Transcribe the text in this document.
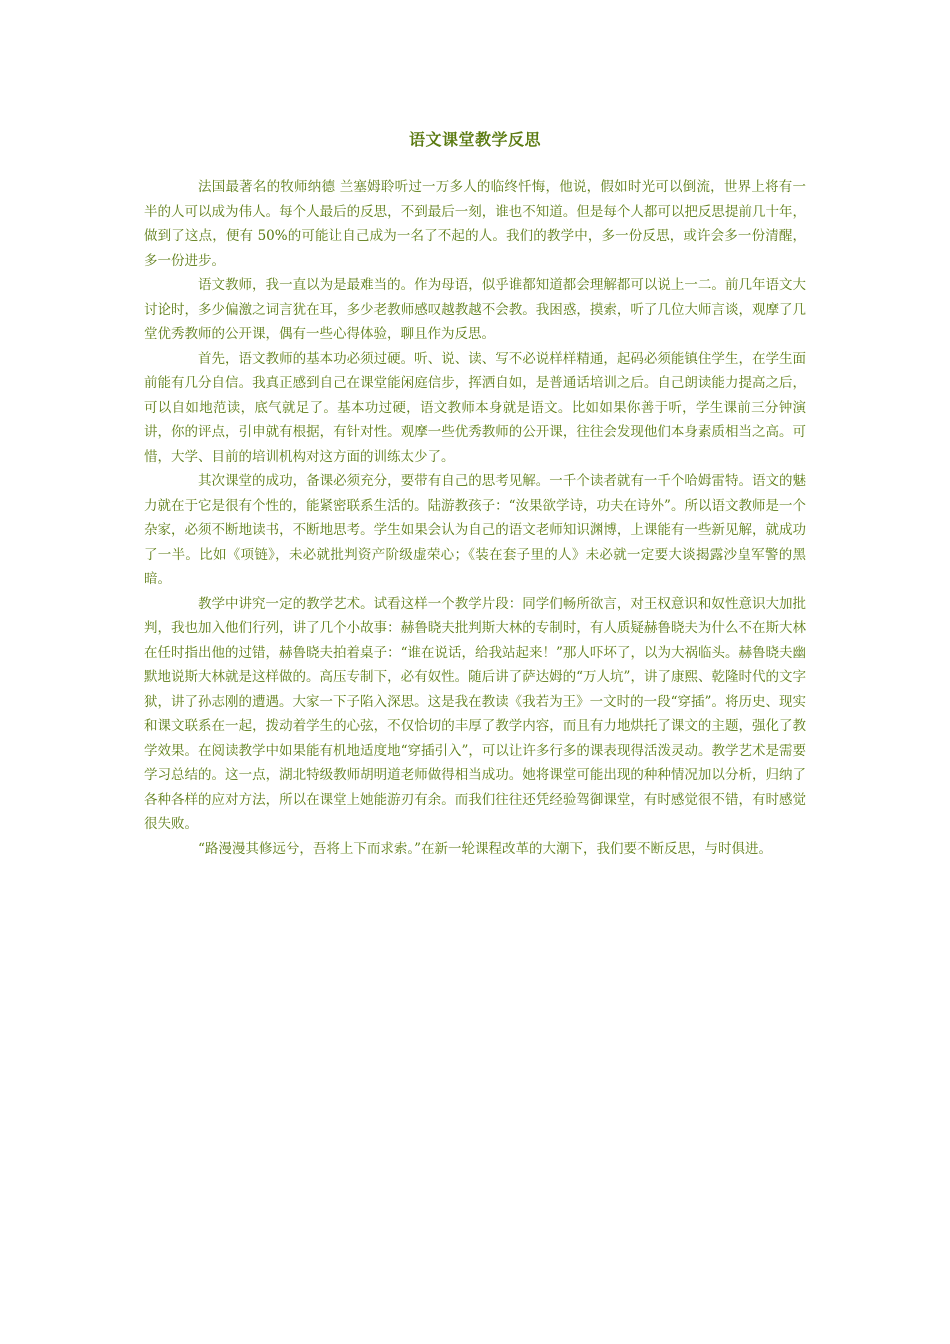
语文课堂教学反思

法国最著名的牧师纳德 兰塞姆聆听过一万多人的临终忏悔，他说，假如时光可以倒流，世界上将有一半的人可以成为伟人。每个人最后的反思，不到最后一刻，谁也不知道。但是每个人都可以把反思提前几十年，做到了这点，便有 50%的可能让自己成为一名了不起的人。我们的教学中，多一份反思，或许会多一份清醒，多一份进步。

语文教师，我一直以为是最难当的。作为母语，似乎谁都知道都会理解都可以说上一二。前几年语文大讨论时，多少偏激之词言犹在耳，多少老教师感叹越教越不会教。我困惑，摸索，听了几位大师言谈，观摩了几堂优秀教师的公开课，偶有一些心得体验，聊且作为反思。

首先，语文教师的基本功必须过硬。听、说、读、写不必说样样精通，起码必须能镇住学生，在学生面前能有几分自信。我真正感到自己在课堂能闲庭信步，挥洒自如，是普通话培训之后。自己朗读能力提高之后，可以自如地范读，底气就足了。基本功过硬，语文教师本身就是语文。比如如果你善于听，学生课前三分钟演讲，你的评点，引申就有根据，有针对性。观摩一些优秀教师的公开课，往往会发现他们本身素质相当之高。可惜，大学、目前的培训机构对这方面的训练太少了。

其次课堂的成功，备课必须充分，要带有自己的思考见解。一千个读者就有一千个哈姆雷特。语文的魅力就在于它是很有个性的，能紧密联系生活的。陆游教孩子：“汝果欲学诗，功夫在诗外”。所以语文教师是一个杂家，必须不断地读书，不断地思考。学生如果会认为自己的语文老师知识渊博，上课能有一些新见解，就成功了一半。比如《项链》，未必就批判资产阶级虚荣心；《装在套子里的人》未必就一定要大谈揭露沙皇军警的黑暗。

教学中讲究一定的教学艺术。试看这样一个教学片段：同学们畅所欲言，对王权意识和奴性意识大加批判，我也加入他们行列，讲了几个小故事：赫鲁晓夫批判斯大林的专制时，有人质疑赫鲁晓夫为什么不在斯大林在任时指出他的过错，赫鲁晓夫拍着桌子：“谁在说话，给我站起来！”那人吓坏了，以为大祸临头。赫鲁晓夫幽默地说斯大林就是这样做的。高压专制下，必有奴性。随后讲了萨达姆的“万人坑”，讲了康熙、乾隆时代的文字狱，讲了孙志刚的遭遇。大家一下子陷入深思。这是我在教读《我若为王》一文时的一段“穿插”。将历史、现实和课文联系在一起，拨动着学生的心弦，不仅恰切的丰厚了教学内容，而且有力地烘托了课文的主题，强化了教学效果。在阅读教学中如果能有机地适度地“穿插引入”，可以让许多行多的课表现得活泼灵动。教学艺术是需要学习总结的。这一点，湖北特级教师胡明道老师做得相当成功。她将课堂可能出现的种种情况加以分析，归纳了各种各样的应对方法，所以在课堂上她能游刃有余。而我们往往还凭经验驾御课堂，有时感觉很不错，有时感觉很失败。

“路漫漫其修远兮，吾将上下而求索。”在新一轮课程改革的大潮下，我们要不断反思，与时俱进。
